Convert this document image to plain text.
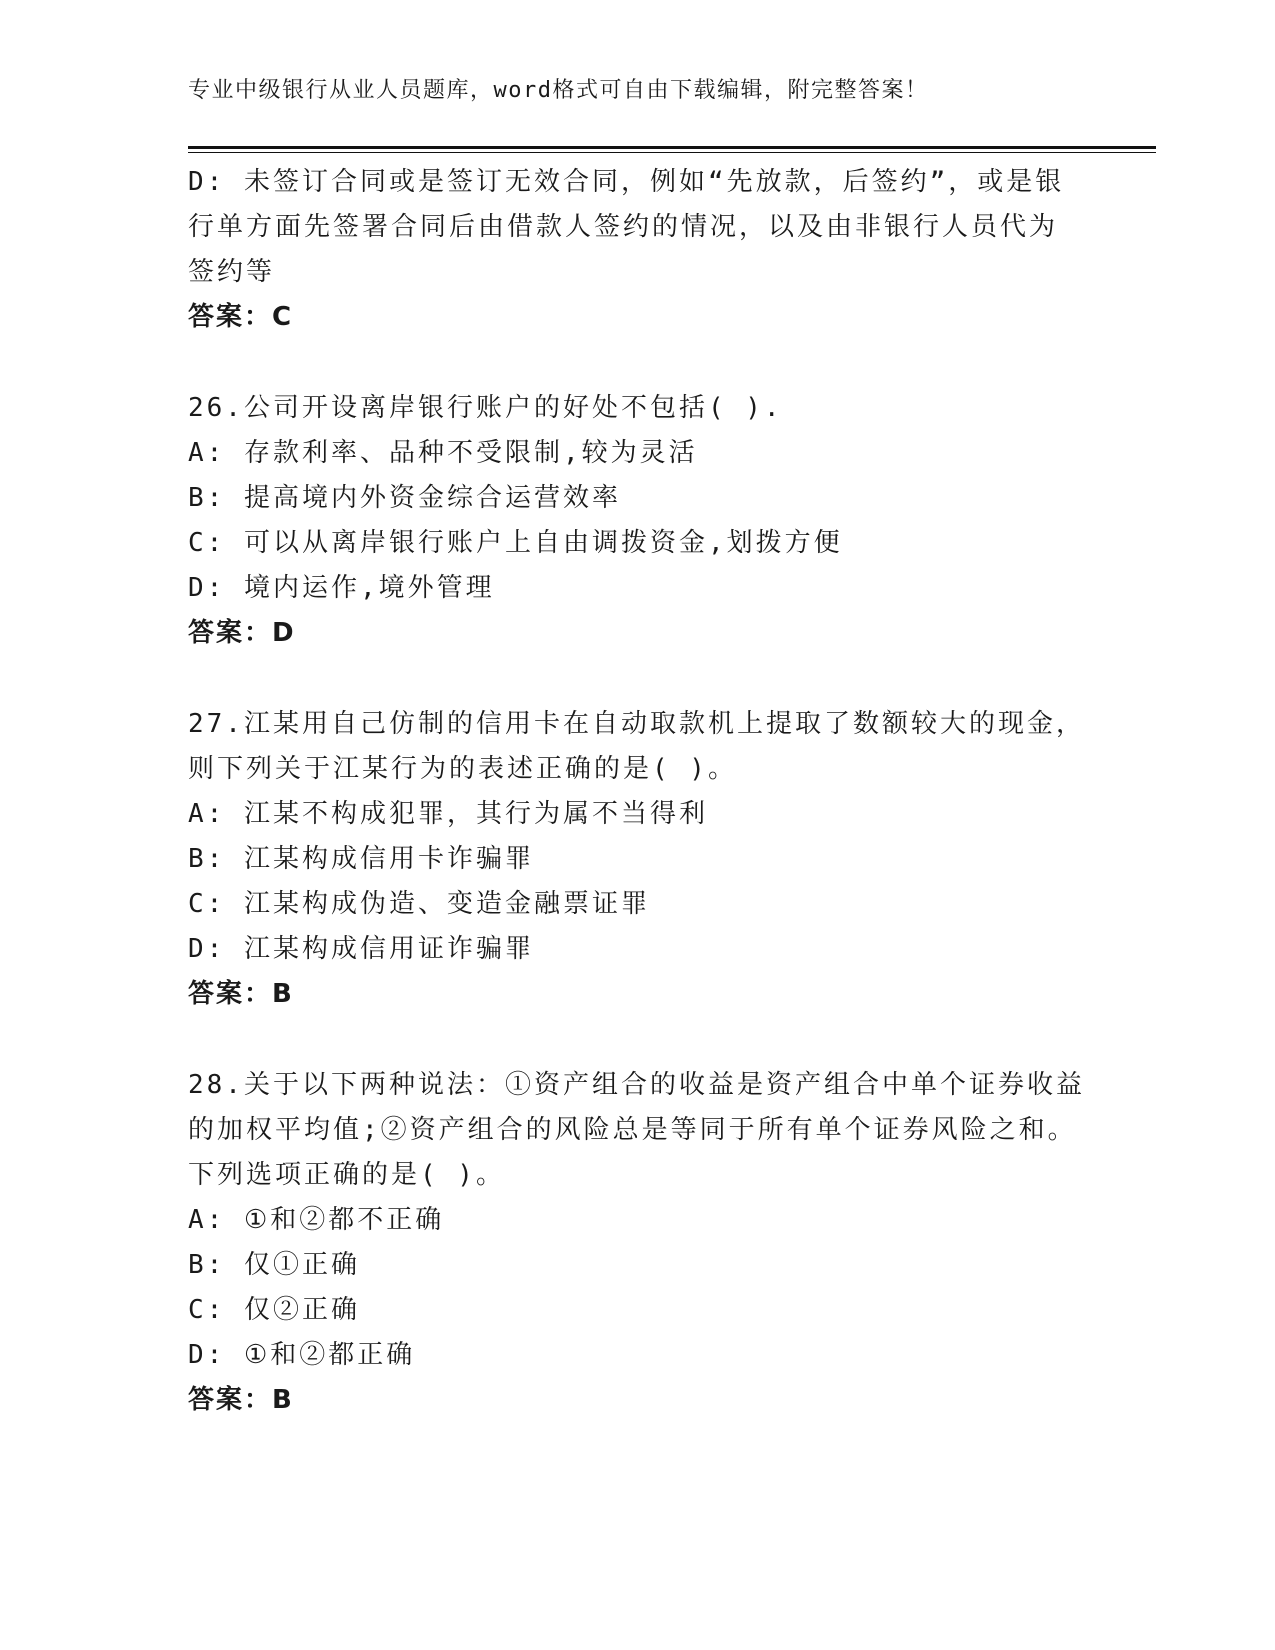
专业中级银行从业人员题库，word格式可自由下载编辑，附完整答案！
D: 未签订合同或是签订无效合同，例如“先放款，后签约”，或是银
行单方面先签署合同后由借款人签约的情况，以及由非银行人员代为
签约等
答案：C
26.公司开设离岸银行账户的好处不包括( ).
A: 存款利率、品种不受限制,较为灵活
B: 提高境内外资金综合运营效率
C: 可以从离岸银行账户上自由调拨资金,划拨方便
D: 境内运作,境外管理
答案：D
27.江某用自己仿制的信用卡在自动取款机上提取了数额较大的现金，
则下列关于江某行为的表述正确的是( )。
A: 江某不构成犯罪，其行为属不当得利
B: 江某构成信用卡诈骗罪
C: 江某构成伪造、变造金融票证罪
D: 江某构成信用证诈骗罪
答案：B
28.关于以下两种说法：①资产组合的收益是资产组合中单个证券收益
的加权平均值;②资产组合的风险总是等同于所有单个证券风险之和。
下列选项正确的是( )。
A: ①和②都不正确
B: 仅①正确
C: 仅②正确
D: ①和②都正确
答案：B
